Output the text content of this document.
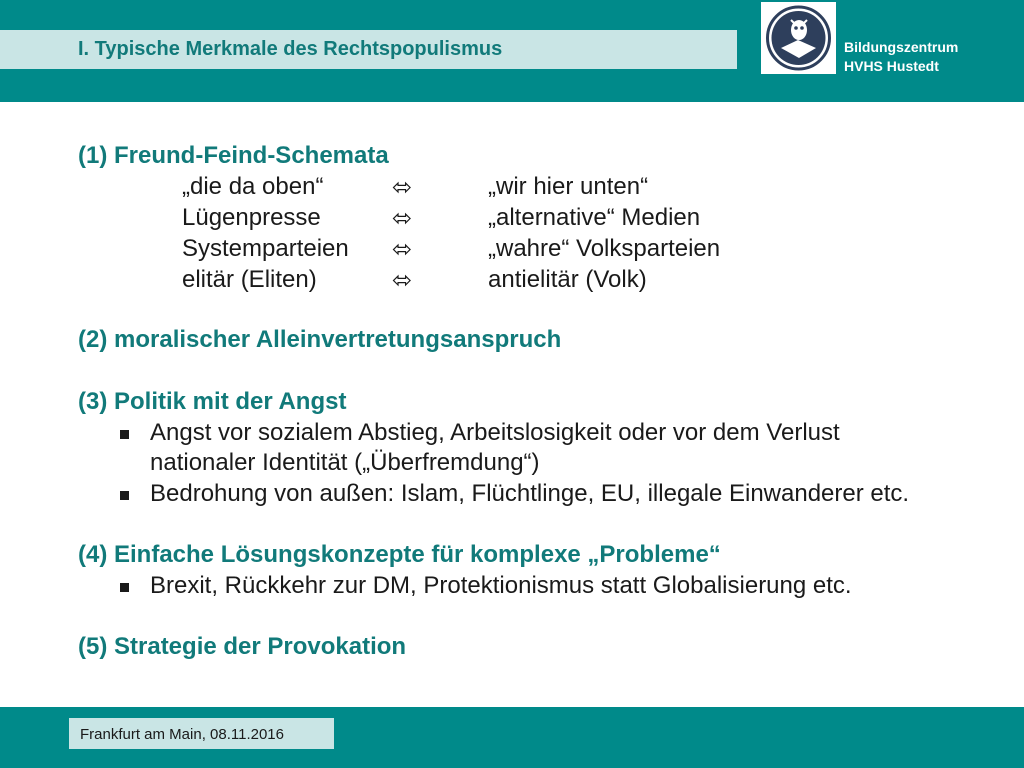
I. Typische Merkmale des Rechtspopulismus	Bildungszentrum
HVHS Hustedt
(1) Freund-Feind-Schemata
„die da oben“	⬄	„wir hier unten“
Lügenpresse	⬄	„alternative“ Medien
Systemparteien ⬄	„wahre“ Volksparteien
elitär (Eliten)	⬄	antielitär (Volk)
(2) moralischer Alleinvertretungsanspruch
(3) Politik mit der Angst
Angst vor sozialem Abstieg, Arbeitslosigkeit oder vor dem Verlust
nationaler Identität („Überfremdung“)
Bedrohung von außen: Islam, Flüchtlinge, EU, illegale Einwanderer etc.
(4) Einfache Lösungskonzepte für komplexe „Probleme“
Brexit, Rückkehr zur DM, Protektionismus statt Globalisierung etc.
(5) Strategie der Provokation
Frankfurt am Main, 08.11.2016
